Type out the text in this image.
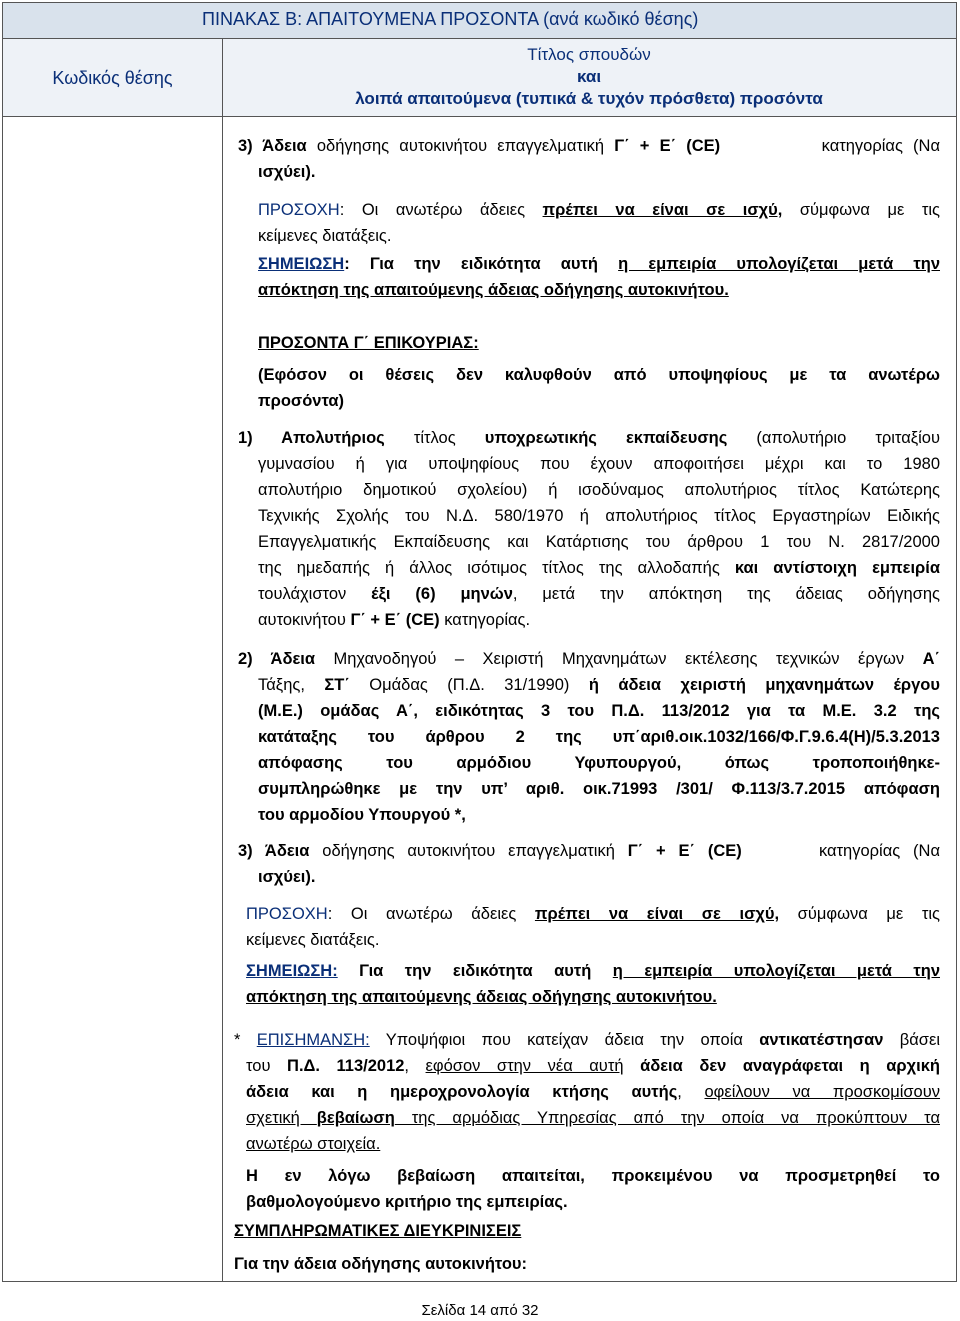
ΠΙΝΑΚΑΣ Β: ΑΠΑΙΤΟΥΜΕΝΑ ΠΡΟΣΟΝΤΑ (ανά κωδικό θέσης)
Κωδικός θέσης
Τίτλος σπουδών
και
λοιπά απαιτούμενα (τυπικά & τυχόν πρόσθετα) προσόντα
3) Άδεια οδήγησης αυτοκινήτου επαγγελματική Γ΄ + Ε΄ (CE)	κατηγορίας (Να
ισχύει).
ΠΡΟΣΟΧΗ: Οι ανωτέρω άδειες πρέπει να είναι σε ισχύ, σύμφωνα με τις
κείμενες διατάξεις.
ΣΗΜΕΙΩΣΗ: Για την ειδικότητα αυτή η εμπειρία υπολογίζεται μετά την
απόκτηση της απαιτούμενης άδειας οδήγησης αυτοκινήτου.
ΠΡΟΣΟΝΤΑ Γ΄ ΕΠΙΚΟΥΡΙΑΣ:
(Εφόσον οι θέσεις δεν καλυφθούν από υποψηφίους με τα ανωτέρω
προσόντα)
1) Απολυτήριος τίτλος υποχρεωτικής εκπαίδευσης (απολυτήριο τριταξίου
γυμνασίου ή για υποψηφίους που έχουν αποφοιτήσει μέχρι και το 1980
απολυτήριο δημοτικού σχολείου) ή ισοδύναμος απολυτήριος τίτλος Κατώτερης
Τεχνικής Σχολής του Ν.Δ. 580/1970 ή απολυτήριος τίτλος Εργαστηρίων Ειδικής
Επαγγελματικής Εκπαίδευσης και Κατάρτισης του άρθρου 1 του Ν. 2817/2000
της ημεδαπής ή άλλος ισότιμος τίτλος της αλλοδαπής και αντίστοιχη εμπειρία
τουλάχιστον έξι (6) μηνών, μετά την απόκτηση της άδειας οδήγησης
αυτοκινήτου Γ΄ + Ε΄ (CE) κατηγορίας.
2) Άδεια Μηχανοδηγού – Χειριστή Μηχανημάτων εκτέλεσης τεχνικών έργων Α΄
Τάξης, ΣΤ΄ Ομάδας (Π.Δ. 31/1990) ή άδεια χειριστή μηχανημάτων έργου
(Μ.Ε.) ομάδας Α΄, ειδικότητας 3 του Π.Δ. 113/2012 για τα Μ.Ε. 3.2 της
κατάταξης του άρθρου 2 της υπ΄αριθ.οικ.1032/166/Φ.Γ.9.6.4(Η)/5.3.2013
απόφασης του αρμόδιου Υφυπουργού, όπως τροποποιήθηκε-
συμπληρώθηκε με την υπ’ αριθ. οικ.71993 /301/ Φ.113/3.7.2015 απόφαση
του αρμοδίου Υπουργού *,
3) Άδεια οδήγησης αυτοκινήτου επαγγελματική Γ΄ + Ε΄ (CE)	κατηγορίας (Να
ισχύει).
ΠΡΟΣΟΧΗ: Οι ανωτέρω άδειες πρέπει να είναι σε ισχύ, σύμφωνα με τις
κείμενες διατάξεις.
ΣΗΜΕΙΩΣΗ: Για την ειδικότητα αυτή η εμπειρία υπολογίζεται μετά την
απόκτηση της απαιτούμενης άδειας οδήγησης αυτοκινήτου.
* ΕΠΙΣΗΜΑΝΣΗ: Υποψήφιοι που κατείχαν άδεια την οποία αντικατέστησαν βάσει
του Π.Δ. 113/2012, εφόσον στην νέα αυτή άδεια δεν αναγράφεται η αρχική
άδεια και η ημεροχρονολογία κτήσης αυτής, οφείλουν να προσκομίσουν
σχετική βεβαίωση της αρμόδιας Υπηρεσίας από την οποία να προκύπτουν τα
ανωτέρω στοιχεία.
Η εν λόγω βεβαίωση απαιτείται, προκειμένου να προσμετρηθεί το
βαθμολογούμενο κριτήριο της εμπειρίας.
ΣΥΜΠΛΗΡΩΜΑΤΙΚΕΣ ΔΙΕΥΚΡΙΝΙΣΕΙΣ
Για την άδεια οδήγησης αυτοκινήτου:
Σελίδα 14 από 32
